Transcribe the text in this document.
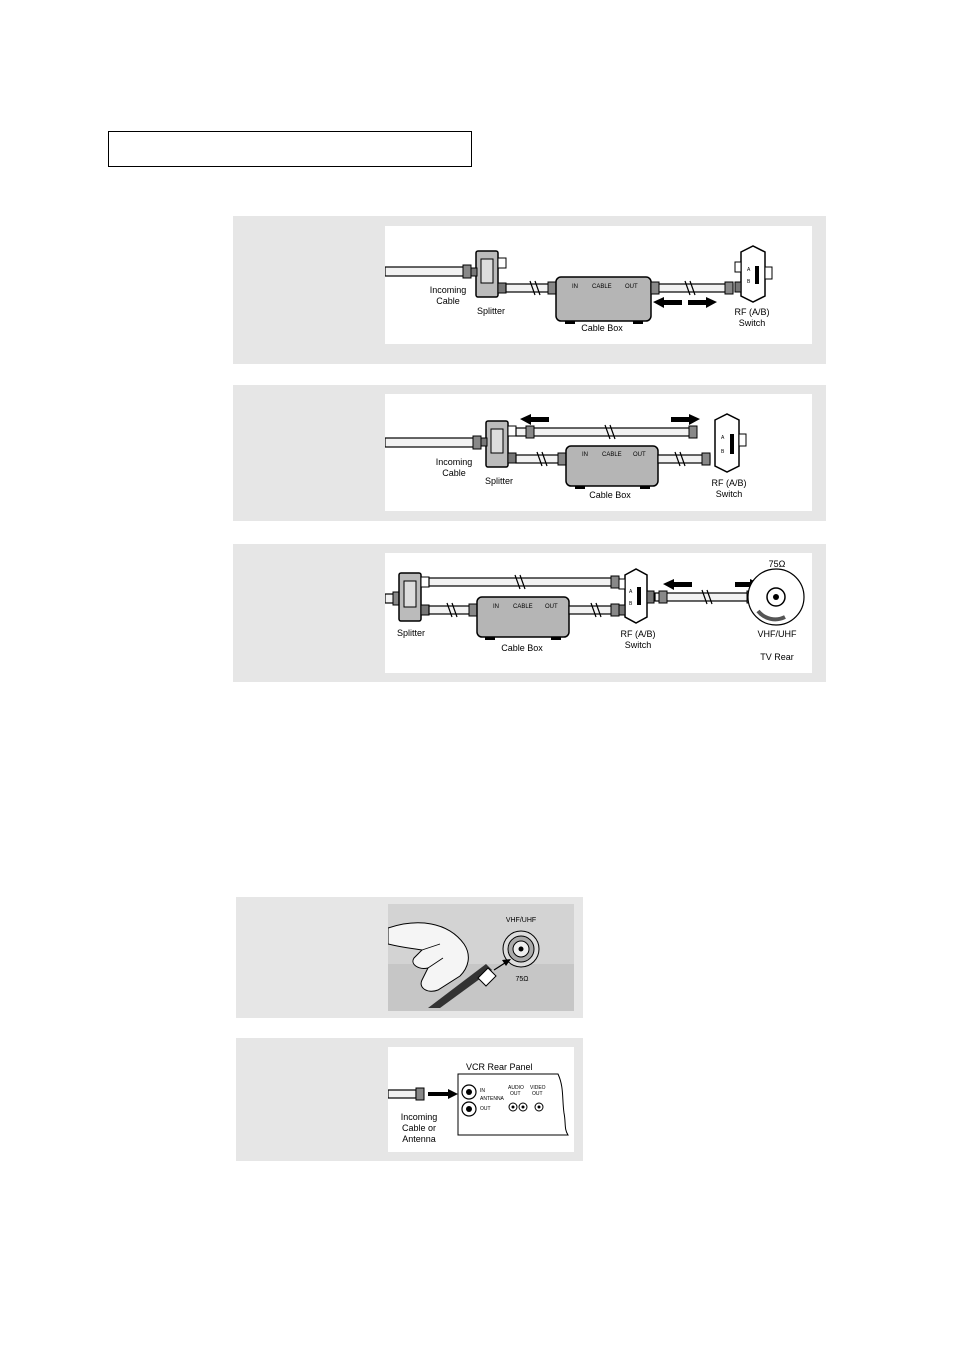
IN CABLE OUT
A
B
Incoming
Cable
Splitter
Cable Box
RF (A/B)
Switch
IN CABLE OUT
A
B
Incoming
Cable
Splitter
Cable Box
RF (A/B)
Switch
IN CABLE OUT
A
B
75Ω
VHF/UHF
TV Rear
Splitter
Cable Box
RF (A/B)
Switch
VHF/UHF
75Ω
VCR Rear Panel
IN
ANTENNA
OUT
AUDIO
OUT
VIDEO
OUT
Incoming
Cable or
Antenna
